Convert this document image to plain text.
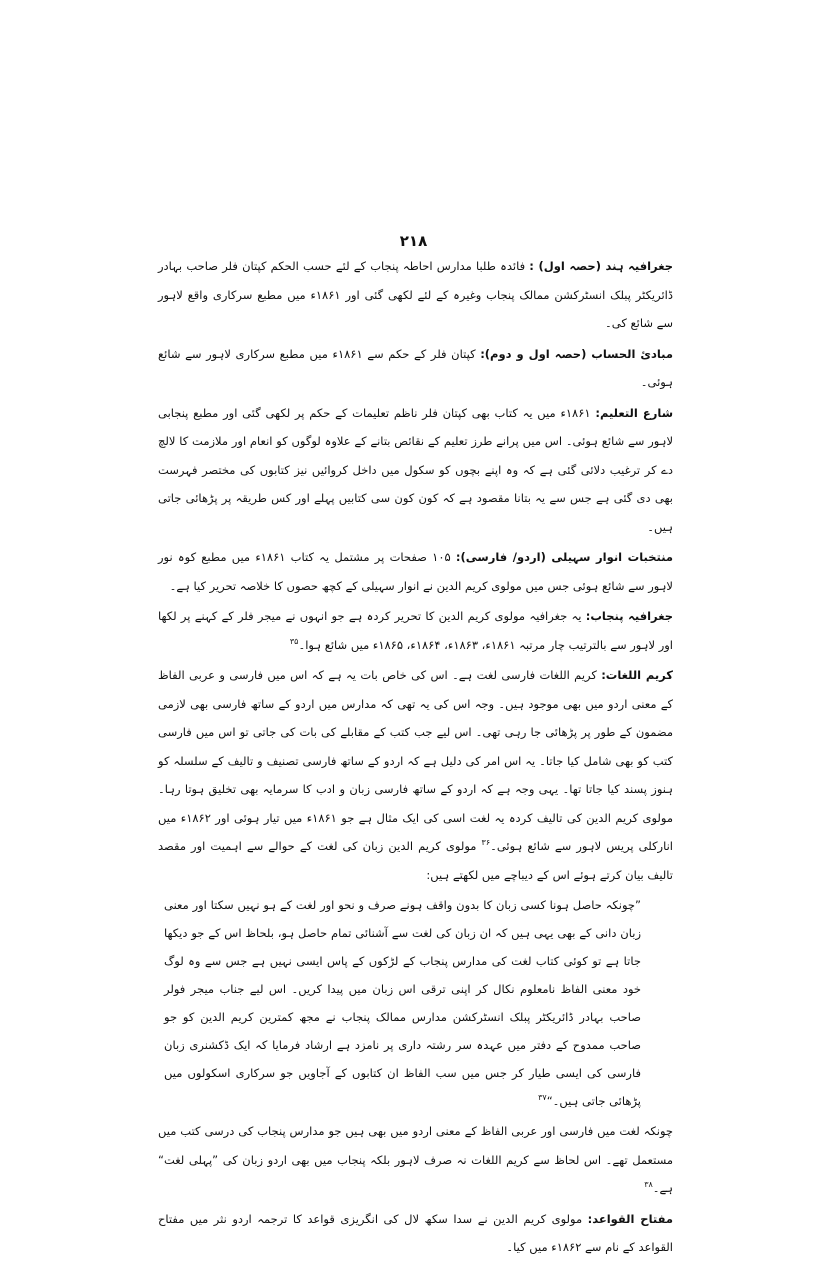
۲۱۸

جغرافیہ ہند (حصہ اول) : فائدہ طلبا مدارس احاطہ پنجاب کے لئے حسب الحکم کپتان فلر صاحب بہادر ڈائریکٹر پبلک انسٹرکشن ممالک پنجاب وغیرہ کے لئے لکھی گئی اور ۱۸۶۱ء میں مطبع سرکاری واقع لاہور سے شائع کی۔

مبادئ الحساب (حصہ اول و دوم): کپتان فلر کے حکم سے ۱۸۶۱ء میں مطبع سرکاری لاہور سے شائع ہوئی۔

شارع التعلیم: ۱۸۶۱ء میں یہ کتاب بھی کپتان فلر ناظم تعلیمات کے حکم پر لکھی گئی اور مطبع پنجابی لاہور سے شائع ہوئی۔ اس میں پرانے طرز تعلیم کے نقائص بتانے کے علاوہ لوگوں کو انعام اور ملازمت کا لالچ دے کر ترغیب دلائی گئی ہے کہ وہ اپنے بچوں کو سکول میں داخل کروائیں نیز کتابوں کی مختصر فہرست بھی دی گئی ہے جس سے یہ بتانا مقصود ہے کہ کون کون سی کتابیں پہلے اور کس طریقہ پر پڑھائی جاتی ہیں۔

منتخبات انوار سہیلی (اردو/ فارسی): ۱۰۵ صفحات پر مشتمل یہ کتاب ۱۸۶۱ء میں مطبع کوہ نور لاہور سے شائع ہوئی جس میں مولوی کریم الدین نے انوار سہیلی کے کچھ حصوں کا خلاصہ تحریر کیا ہے۔

جغرافیہ پنجاب: یہ جغرافیہ مولوی کریم الدین کا تحریر کردہ ہے جو انہوں نے میجر فلر کے کہنے پر لکھا اور لاہور سے بالترتیب چار مرتبہ ۱۸۶۱ء، ۱۸۶۳ء، ۱۸۶۴ء، ۱۸۶۵ء میں شائع ہوا۔$^{۳۵}$

کریم اللغات: کریم اللغات فارسی لغت ہے۔ اس کی خاص بات یہ ہے کہ اس میں فارسی و عربی الفاظ کے معنی اردو میں بھی موجود ہیں۔ وجہ اس کی یہ تھی کہ مدارس میں اردو کے ساتھ فارسی بھی لازمی مضمون کے طور پر پڑھائی جا رہی تھی۔ اس لیے جب کتب کے مقابلے کی بات کی جاتی تو اس میں فارسی کتب کو بھی شامل کیا جاتا۔ یہ اس امر کی دلیل ہے کہ اردو کے ساتھ فارسی تصنیف و تالیف کے سلسلہ کو ہنوز پسند کیا جاتا تھا۔ یہی وجہ ہے کہ اردو کے ساتھ فارسی زبان و ادب کا سرمایہ بھی تخلیق ہوتا رہا۔ مولوی کریم الدین کی تالیف کردہ یہ لغت اسی کی ایک مثال ہے جو ۱۸۶۱ء میں تیار ہوئی اور ۱۸۶۲ء میں انارکلی پریس لاہور سے شائع ہوئی۔$^{۳۶}$ مولوی کریم الدین زبان کی لغت کے حوالے سے اہمیت اور مقصد تالیف بیان کرتے ہوئے اس کے دیباچے میں لکھتے ہیں:

”چونکہ حاصل ہونا کسی زبان کا بدون واقف ہونے صرف و نحو اور لغت کے ہو نہیں سکتا اور معنی زبان دانی کے بھی یہی ہیں کہ ان زبان کی لغت سے آشنائی تمام حاصل ہو، بلحاظ اس کے جو دیکھا جاتا ہے تو کوئی کتاب لغت کی مدارس پنجاب کے لڑکوں کے پاس ایسی نہیں ہے جس سے وہ لوگ خود معنی الفاظ نامعلوم نکال کر اپنی ترقی اس زبان میں پیدا کریں۔ اس لیے جناب میجر فولر صاحب بہادر ڈائریکٹر پبلک انسٹرکشن مدارس ممالک پنجاب نے مجھ کمترین کریم الدین کو جو صاحب ممدوح کے دفتر میں عہدہ سر رشتہ داری پر نامزد ہے ارشاد فرمایا کہ ایک ڈکشنری زبان فارسی کی ایسی طیار کر جس میں سب الفاظ ان کتابوں کے آجاویں جو سرکاری اسکولوں میں پڑھائی جاتی ہیں۔“$^{۳۷}$

چونکہ لغت میں فارسی اور عربی الفاظ کے معنی اردو میں بھی ہیں جو مدارس پنجاب کی درسی کتب میں مستعمل تھے۔ اس لحاظ سے کریم اللغات نہ صرف لاہور بلکہ پنجاب میں بھی اردو زبان کی ”پہلی لغت“ ہے۔$^{۳۸}$

مفتاح القواعد: مولوی کریم الدین نے سدا سکھ لال کی انگریزی قواعد کا ترجمہ اردو نثر میں مفتاح القواعد کے نام سے ۱۸۶۲ء میں کیا۔
